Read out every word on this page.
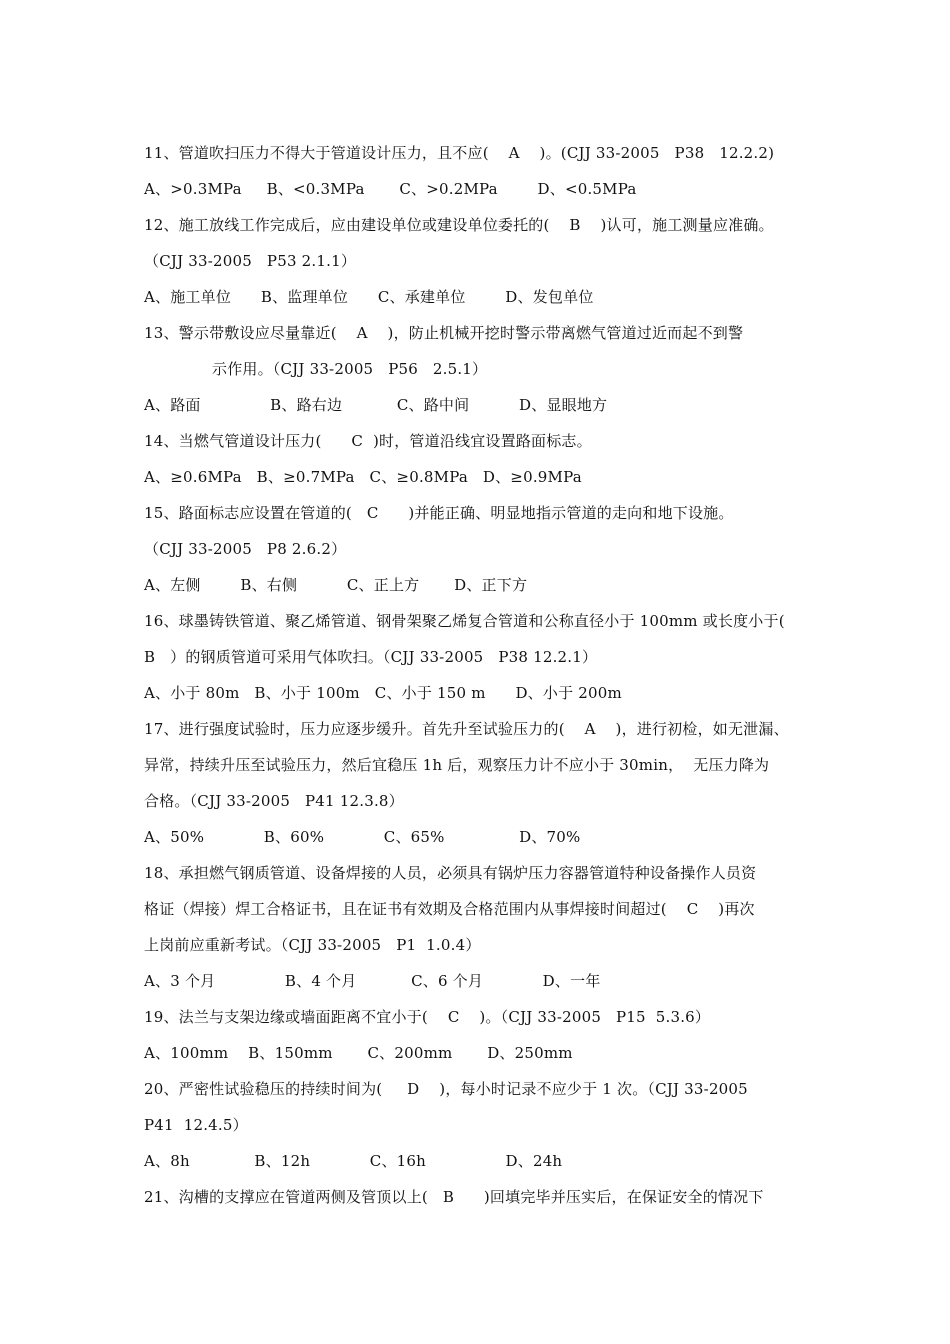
11、管道吹扫压力不得大于管道设计压力，且不应(    A    )。(CJJ 33-2005   P38   12.2.2)
A、>0.3MPa     B、<0.3MPa       C、>0.2MPa        D、<0.5MPa
12、施工放线工作完成后，应由建设单位或建设单位委托的(    B    )认可，施工测量应准确。
（CJJ 33-2005   P53 2.1.1）
A、施工单位      B、监理单位      C、承建单位        D、发包单位
13、警示带敷设应尽量靠近(    A    )，防止机械开挖时警示带离燃气管道过近而起不到警
示作用。（CJJ 33-2005   P56   2.5.1）
A、路面              B、路右边           C、路中间          D、显眼地方
14、当燃气管道设计压力(      C  )时，管道沿线宜设置路面标志。
A、≥0.6MPa   B、≥0.7MPa   C、≥0.8MPa   D、≥0.9MPa
15、路面标志应设置在管道的(   C      )并能正确、明显地指示管道的走向和地下设施。
（CJJ 33-2005   P8 2.6.2）
A、左侧        B、右侧          C、正上方       D、正下方
16、球墨铸铁管道、聚乙烯管道、钢骨架聚乙烯复合管道和公称直径小于 100mm 或长度小于(
B   ）的钢质管道可采用气体吹扫。（CJJ 33-2005   P38 12.2.1）
A、小于 80m   B、小于 100m   C、小于 150 m      D、小于 200m
17、进行强度试验时，压力应逐步缓升。首先升至试验压力的(    A    )，进行初检，如无泄漏、
异常，持续升压至试验压力，然后宜稳压 1h 后，观察压力计不应小于 30min，  无压力降为
合格。（CJJ 33-2005   P41 12.3.8）
A、50%            B、60%            C、65%               D、70%
18、承担燃气钢质管道、设备焊接的人员，必须具有锅炉压力容器管道特种设备操作人员资
格证（焊接）焊工合格证书，且在证书有效期及合格范围内从事焊接时间超过(    C    )再次
上岗前应重新考试。（CJJ 33-2005   P1  1.0.4）
A、3 个月              B、4 个月           C、6 个月            D、一年
19、法兰与支架边缘或墙面距离不宜小于(    C    )。（CJJ 33-2005   P15  5.3.6）
A、100mm    B、150mm       C、200mm       D、250mm
20、严密性试验稳压的持续时间为(     D    )，每小时记录不应少于 1 次。（CJJ 33-2005
P41  12.4.5）
A、8h             B、12h            C、16h                D、24h
21、沟槽的支撑应在管道两侧及管顶以上(   B      )回填完毕并压实后，在保证安全的情况下
